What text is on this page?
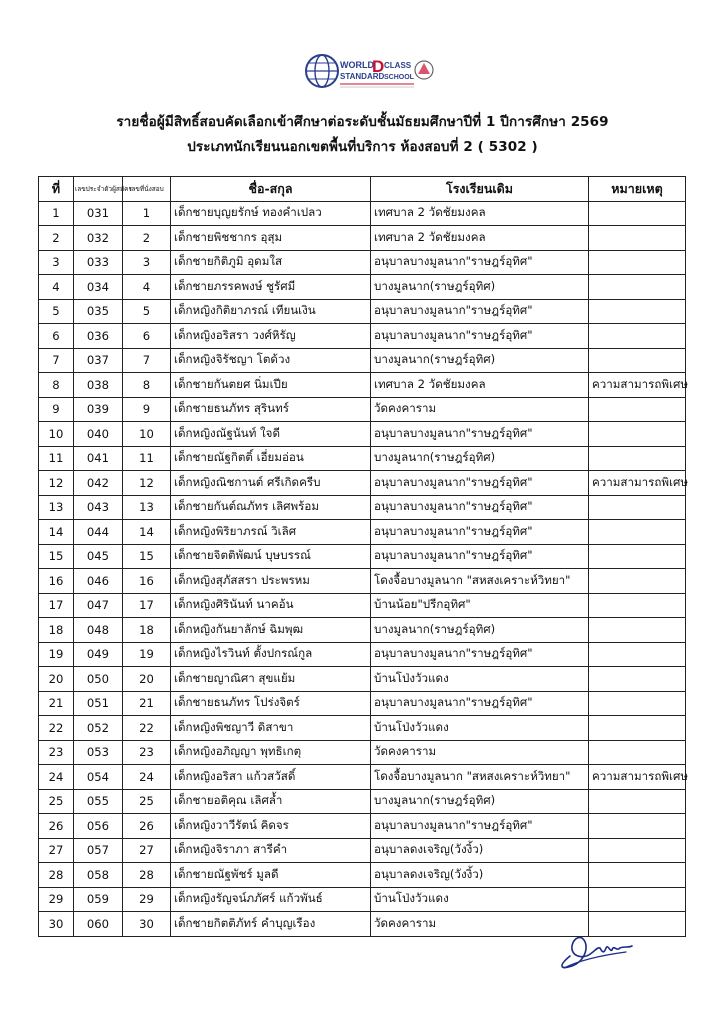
WORLD
D CLASS
STANDARD SCHOOL
รายชื่อผู้มีสิทธิ์สอบคัดเลือกเข้าศึกษาต่อระดับชั้นมัธยมศึกษาปีที่ 1 ปีการศึกษา 2569
ประเภทนักเรียนนอกเขตพื้นที่บริการ ห้องสอบที่ 2 ( 5302 )
ที่	เลขประจำตัวผู้สมัคร	เลขที่นั่งสอบ	ชื่อ-สกุล	โรงเรียนเดิม	หมายเหตุ
1	031	1	เด็กชายบุญยรักษ์ ทองคำเปลว	เทศบาล 2 วัดชัยมงคล	
2	032	2	เด็กชายพิชชากร อุสุม	เทศบาล 2 วัดชัยมงคล	
3	033	3	เด็กชายกิติภูมิ อุดมใส	อนุบาลบางมูลนาก"ราษฎร์อุทิศ"	
4	034	4	เด็กชายภรรคพงษ์ ชูรัศมี	บางมูลนาก(ราษฎร์อุทิศ)	
5	035	5	เด็กหญิงกิติยาภรณ์ เทียนเงิน	อนุบาลบางมูลนาก"ราษฎร์อุทิศ"	
6	036	6	เด็กหญิงอริสรา วงศ์หิรัญ	อนุบาลบางมูลนาก"ราษฎร์อุทิศ"	
7	037	7	เด็กหญิงจิรัชญา โตด้วง	บางมูลนาก(ราษฎร์อุทิศ)	
8	038	8	เด็กชายกันตยศ นิ่มเปีย	เทศบาล 2 วัดชัยมงคล	ความสามารถพิเศษ
9	039	9	เด็กชายธนภัทร สุรินทร์	วัดคงคาราม	
10	040	10	เด็กหญิงณัฐนันท์ ใจดี	อนุบาลบางมูลนาก"ราษฎร์อุทิศ"	
11	041	11	เด็กชายณัฐกิตติ์ เอี่ยมอ่อน	บางมูลนาก(ราษฎร์อุทิศ)	
12	042	12	เด็กหญิงณิชกานต์ ศรีเกิดครีบ	อนุบาลบางมูลนาก"ราษฎร์อุทิศ"	ความสามารถพิเศษ
13	043	13	เด็กชายกันต์ณภัทร เลิศพร้อม	อนุบาลบางมูลนาก"ราษฎร์อุทิศ"	
14	044	14	เด็กหญิงพิริยาภรณ์ วิเลิศ	อนุบาลบางมูลนาก"ราษฎร์อุทิศ"	
15	045	15	เด็กชายจิตติพัฒน์ บุษบรรณ์	อนุบาลบางมูลนาก"ราษฎร์อุทิศ"	
16	046	16	เด็กหญิงสุภัสสรา ประพรหม	โดงจื้อบางมูลนาก "สหสงเคราะห์วิทยา"	
17	047	17	เด็กหญิงศิรินันท์ นาคอ้น	บ้านน้อย"ปรีกอุทิศ"	
18	048	18	เด็กหญิงกันยาลักษ์ ฉิมพุฒ	บางมูลนาก(ราษฎร์อุทิศ)	
19	049	19	เด็กหญิงไรวินท์ ตั้งปกรณ์กูล	อนุบาลบางมูลนาก"ราษฎร์อุทิศ"	
20	050	20	เด็กชายญาณิศา สุขแย้ม	บ้านโป่งวัวแดง	
21	051	21	เด็กชายธนภัทร โปร่งจิตร์	อนุบาลบางมูลนาก"ราษฎร์อุทิศ"	
22	052	22	เด็กหญิงพิชญาวี ดิสาขา	บ้านโป่งวัวแดง	
23	053	23	เด็กหญิงอภิญญา พุทธิเกตุ	วัดคงคาราม	
24	054	24	เด็กหญิงอริสา แก้วสวัสดิ์	โดงจื้อบางมูลนาก "สหสงเคราะห์วิทยา"	ความสามารถพิเศษ
25	055	25	เด็กชายอติคุณ เลิศล้ำ	บางมูลนาก(ราษฎร์อุทิศ)	
26	056	26	เด็กหญิงวาวีรัตน์ คิดจร	อนุบาลบางมูลนาก"ราษฎร์อุทิศ"	
27	057	27	เด็กหญิงจิราภา สารีคำ	อนุบาลดงเจริญ(วังงิ้ว)	
28	058	28	เด็กชายณัฐพัชร์ มูลดี	อนุบาลดงเจริญ(วังงิ้ว)	
29	059	29	เด็กหญิงรัญจน์ภภัศร์ แก้วพันธ์	บ้านโป่งวัวแดง	
30	060	30	เด็กชายกิตติภัทร์ คำบุญเรือง	วัดคงคาราม	
